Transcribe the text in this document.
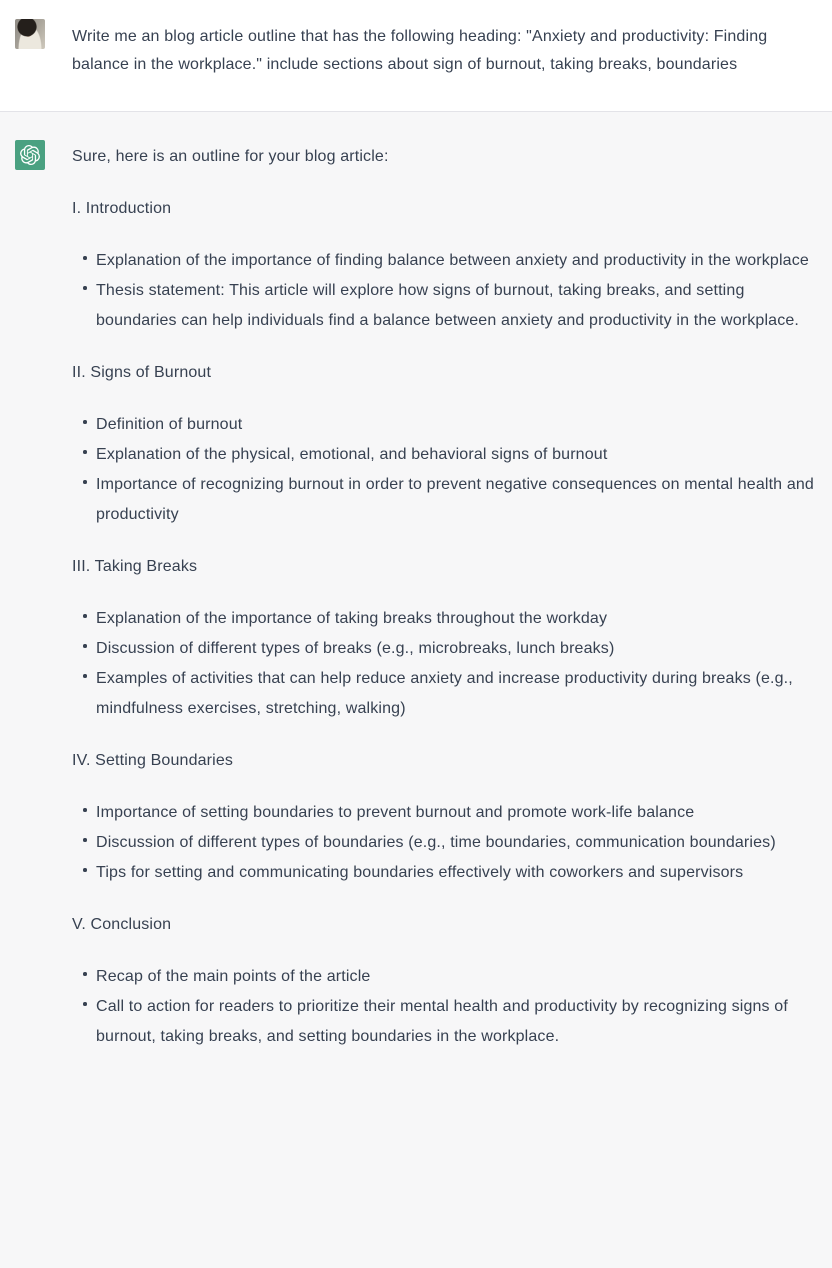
Write me an blog article outline that has the following heading: "Anxiety and productivity: Finding balance in the workplace." include sections about sign of burnout, taking breaks, boundaries

Sure, here is an outline for your blog article:

I. Introduction

Explanation of the importance of finding balance between anxiety and productivity in the workplace
Thesis statement: This article will explore how signs of burnout, taking breaks, and setting boundaries can help individuals find a balance between anxiety and productivity in the workplace.

II. Signs of Burnout

Definition of burnout
Explanation of the physical, emotional, and behavioral signs of burnout
Importance of recognizing burnout in order to prevent negative consequences on mental health and productivity

III. Taking Breaks

Explanation of the importance of taking breaks throughout the workday
Discussion of different types of breaks (e.g., microbreaks, lunch breaks)
Examples of activities that can help reduce anxiety and increase productivity during breaks (e.g., mindfulness exercises, stretching, walking)

IV. Setting Boundaries

Importance of setting boundaries to prevent burnout and promote work-life balance
Discussion of different types of boundaries (e.g., time boundaries, communication boundaries)
Tips for setting and communicating boundaries effectively with coworkers and supervisors

V. Conclusion

Recap of the main points of the article
Call to action for readers to prioritize their mental health and productivity by recognizing signs of burnout, taking breaks, and setting boundaries in the workplace.
